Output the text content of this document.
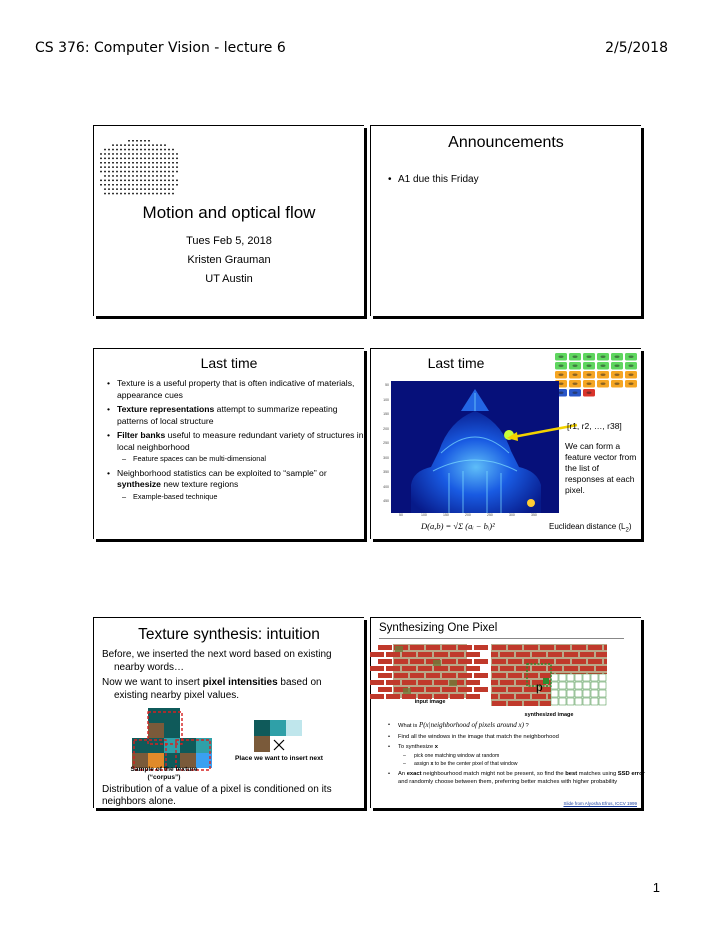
CS 376: Computer Vision - lecture 6	2/5/2018
Motion and optical flow
Tues Feb 5, 2018
Kristen Grauman
UT Austin
Announcements
• A1 due this Friday
Last time
• Texture is a useful property that is often indicative of materials, appearance cues
• Texture representations attempt to summarize repeating patterns of local structure
• Filter banks useful to measure redundant variety of structures in local neighborhood
– Feature spaces can be multi-dimensional
• Neighborhood statistics can be exploited to “sample” or synthesize new texture regions
– Example-based technique
Last time
50
100
150
200
250
300
350
400
450
50	100	150	200	250	300	350
[r1, r2, …, r38]
We can form a feature vector from the list of responses at each pixel.
D(a,b) = √Σ (aᵢ − bᵢ)²	Euclidean distance $(L_2)$
Texture synthesis: intuition
Before, we inserted the next word based on existing nearby words…
Now we want to insert pixel intensities based on existing nearby pixel values.
Place we want to insert next
Sample of the texture
(“corpus”)
Distribution of a value of a pixel is conditioned on its neighbors alone.
Synthesizing One Pixel
input image
p
synthesized image
• What is P(x|neighborhood of pixels around x) ?
• Find all the windows in the image that match the neighborhood
• To synthesize x
– pick one matching window at random
– assign x to be the center pixel of that window
• An exact neighbourhood match might not be present, so find the best matches using SSD error and randomly choose between them, preferring better matches with higher probability
Slide from Alyosha Efros, ICCV 1999
1
